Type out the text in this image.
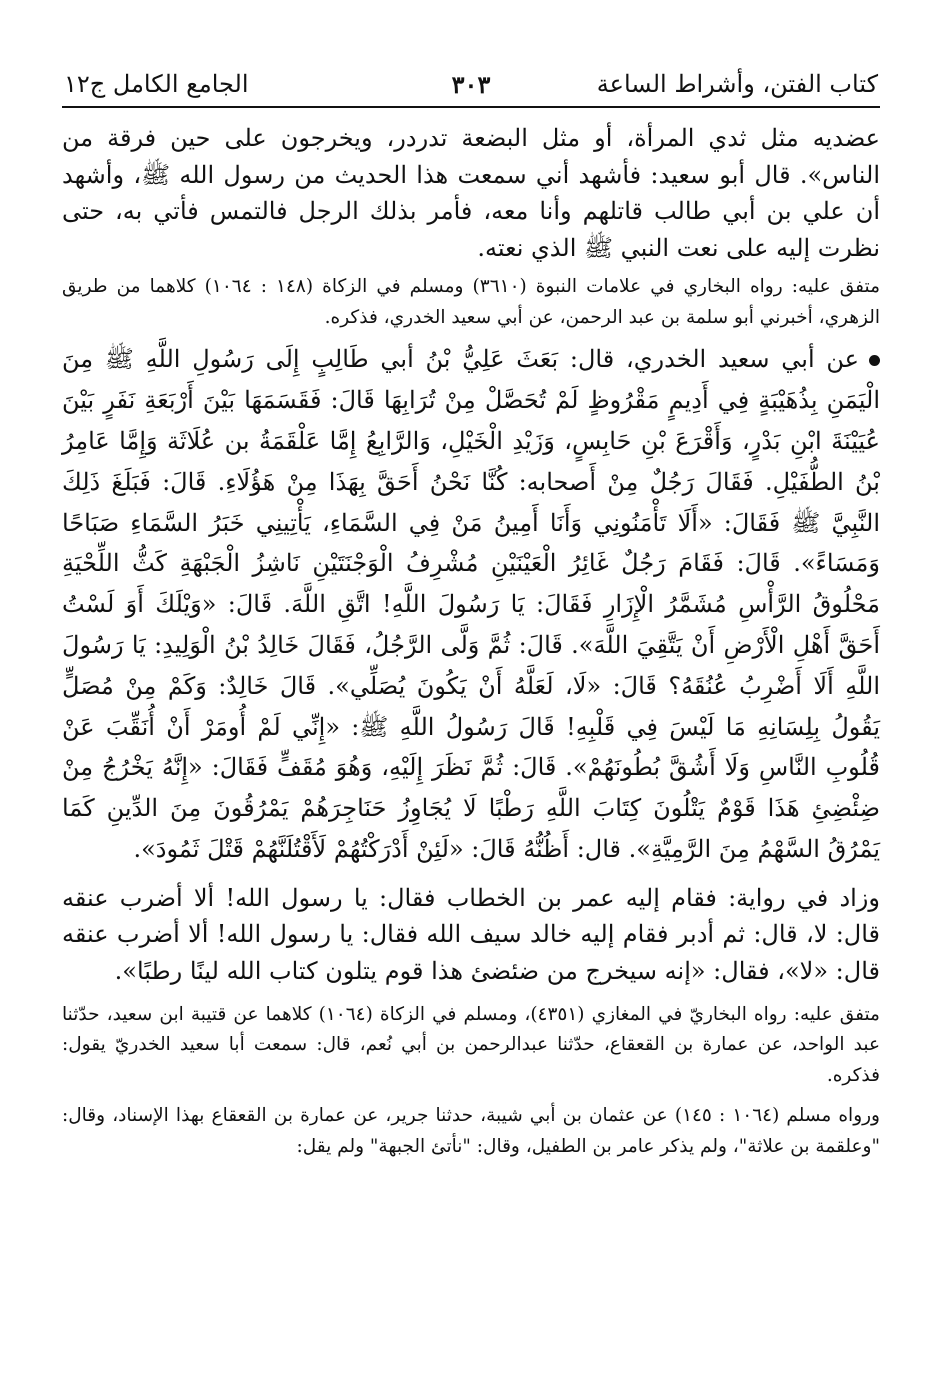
كتاب الفتن، وأشراط الساعة
٣٠٣
الجامع الكامل ج١٢

عضديه مثل ثدي المرأة، أو مثل البضعة تدردر، ويخرجون على حين فرقة من الناس». قال أبو سعيد: فأشهد أني سمعت هذا الحديث من رسول الله ﷺ، وأشهد أن علي بن أبي طالب قاتلهم وأنا معه، فأمر بذلك الرجل فالتمس فأتي به، حتى نظرت إليه على نعت النبي ﷺ الذي نعته.

متفق عليه: رواه البخاري في علامات النبوة (٣٦١٠) ومسلم في الزكاة (١٤٨ : ١٠٦٤) كلاهما من طريق الزهري، أخبرني أبو سلمة بن عبد الرحمن، عن أبي سعيد الخدري، فذكره.

عن أبي سعيد الخدري، قال: بَعَثَ عَلِيُّ بْنُ أبي طَالِبٍ إِلَى رَسُولِ اللَّهِ ﷺ مِنَ الْيَمَنِ بِذُهَيْبَةٍ فِي أَدِيمٍ مَقْرُوظٍ لَمْ تُحَصَّلْ مِنْ تُرَابِهَا قَالَ: فَقَسَمَهَا بَيْنَ أَرْبَعَةِ نَفَرٍ بَيْنَ عُيَيْنَةَ ابْنِ بَدْرٍ، وَأَقْرَعَ بْنِ حَابِسٍ، وَزَيْدِ الْخَيْلِ، وَالرَّابِعُ إِمَّا عَلْقَمَةُ بن عُلَاثَة وَإِمَّا عَامِرُ بْنُ الطُّفَيْلِ. فَقَالَ رَجُلٌ مِنْ أَصحابه: كُنَّا نَحْنُ أَحَقَّ بِهَذَا مِنْ هَؤُلَاءِ. قَالَ: فَبَلَغَ ذَلِكَ النَّبِيَّ ﷺ فَقَالَ: «أَلَا تَأْمَنُونِي وَأَنَا أَمِينُ مَنْ فِي السَّمَاءِ، يَأْتِينِي خَبَرُ السَّمَاءِ صَبَاحًا وَمَسَاءً». قَالَ: فَقَامَ رَجُلٌ غَائِرُ الْعَيْنَيْنِ مُشْرِفُ الْوَجْنَتَيْنِ نَاشِزُ الْجَبْهَةِ كَثُّ اللِّحْيَةِ مَحْلُوقُ الرَّأْسِ مُشَمَّرُ الْإِزَارِ فَقَالَ: يَا رَسُولَ اللَّهِ! اتَّقِ اللَّهَ. قَالَ: «وَيْلَكَ أَوَ لَسْتُ أَحَقَّ أَهْلِ الْأَرْضِ أَنْ يَتَّقِيَ اللَّهَ». قَالَ: ثُمَّ وَلَّى الرَّجُلُ، فَقَالَ خَالِدُ بْنُ الْوَلِيدِ: يَا رَسُولَ اللَّهِ أَلَا أَضْرِبُ عُنُقَهُ؟ قَالَ: «لَا، لَعَلَّهُ أَنْ يَكُونَ يُصَلِّي». قَالَ خَالِدٌ: وَكَمْ مِنْ مُصَلٍّ يَقُولُ بِلِسَانِهِ مَا لَيْسَ فِي قَلْبِهِ! قَالَ رَسُولُ اللَّهِ ﷺ: «إِنِّي لَمْ أُومَرْ أَنْ أُنَقِّبَ عَنْ قُلُوبِ النَّاسِ وَلَا أَشُقَّ بُطُونَهُمْ». قَالَ: ثُمَّ نَظَرَ إِلَيْهِ، وَهُوَ مُقَفٍّ فَقَالَ: «إِنَّهُ يَخْرُجُ مِنْ ضِئْضِئِ هَذَا قَوْمٌ يَتْلُونَ كِتَابَ اللَّهِ رَطْبًا لَا يُجَاوِزُ حَنَاجِرَهُمْ يَمْرُقُونَ مِنَ الدِّينِ كَمَا يَمْرُقُ السَّهْمُ مِنَ الرَّمِيَّةِ». قال: أَظُنُّهُ قَالَ: «لَئِنْ أَدْرَكْتُهُمْ لَأَقْتُلَنَّهُمْ قَتْلَ ثَمُودَ».

وزاد في رواية: فقام إليه عمر بن الخطاب فقال: يا رسول الله! ألا أضرب عنقه قال: لا، قال: ثم أدبر فقام إليه خالد سيف الله فقال: يا رسول الله! ألا أضرب عنقه قال: «لا»، فقال: «إنه سيخرج من ضئضئ هذا قوم يتلون كتاب الله لينًا رطبًا».

متفق عليه: رواه البخاريّ في المغازي (٤٣٥١)، ومسلم في الزكاة (١٠٦٤) كلاهما عن قتيبة ابن سعيد، حدّثنا عبد الواحد، عن عمارة بن القعقاع، حدّثنا عبدالرحمن بن أبي نُعم، قال: سمعت أبا سعيد الخدريّ يقول: فذكره.

ورواه مسلم (١٠٦٤ : ١٤٥) عن عثمان بن أبي شيبة، حدثنا جرير، عن عمارة بن القعقاع بهذا الإسناد، وقال: "وعلقمة بن علاثة"، ولم يذكر عامر بن الطفيل، وقال: "نأتئ الجبهة" ولم يقل:
